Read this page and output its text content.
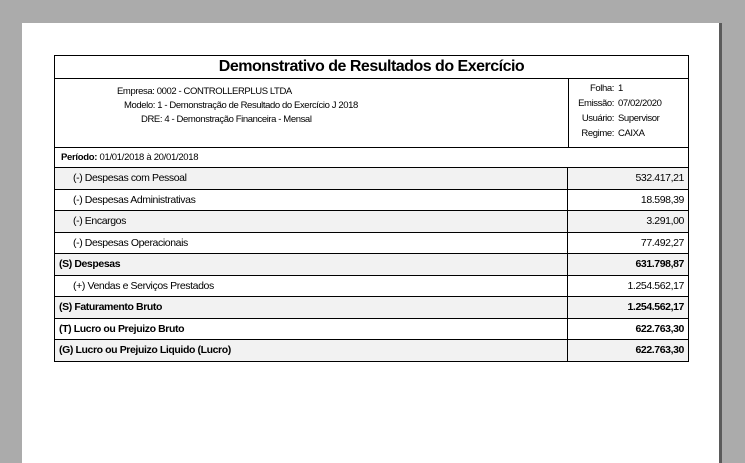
Demonstrativo de Resultados do Exercício
Empresa: 0002 - CONTROLLERPLUS LTDA
Modelo: 1 - Demonstração de Resultado do Exercício J 2018
DRE: 4 - Demonstração Financeira - Mensal
Folha: 1
Emissão: 07/02/2020
Usuário: Supervisor
Regime: CAIXA
Período: 01/01/2018 à 20/01/2018
(-) Despesas com Pessoal	532.417,21
(-) Despesas Administrativas	18.598,39
(-) Encargos	3.291,00
(-) Despesas Operacionais	77.492,27
(S) Despesas	631.798,87
(+) Vendas e Serviços Prestados	1.254.562,17
(S) Faturamento Bruto	1.254.562,17
(T) Lucro ou Prejuizo Bruto	622.763,30
(G) Lucro ou Prejuizo Liquido (Lucro)	622.763,30
